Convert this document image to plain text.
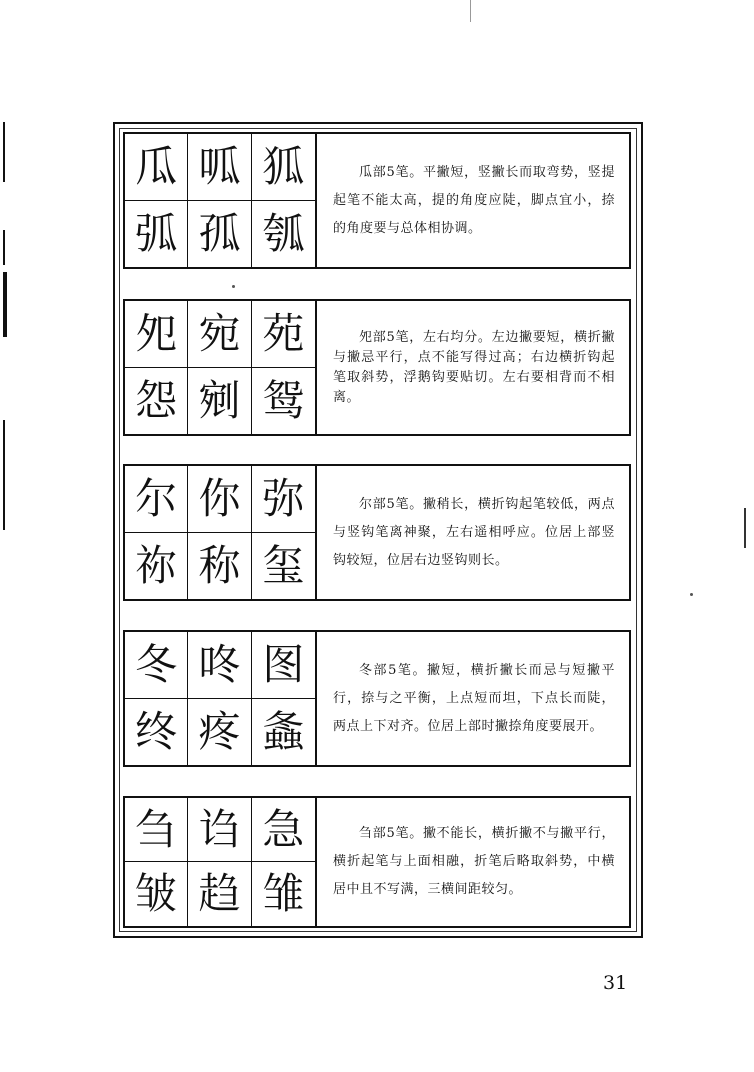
瓜 呱 狐
弧 孤 瓠
瓜部5笔。平撇短，竖撇长而取弯势，竖提起笔不能太高，提的角度应陡，脚点宜小，捺的角度要与总体相协调。
夗 宛 苑
怨 剜 鸳
夗部5笔，左右均分。左边撇要短，横折撇与撇忌平行，点不能写得过高；右边横折钩起笔取斜势，浮鹅钩要贴切。左右要相背而不相离。
尔 你 弥
祢 称 玺
尔部5笔。撇稍长，横折钩起笔较低，两点与竖钩笔离神聚，左右遥相呼应。位居上部竖钩较短，位居右边竖钩则长。
冬 咚 图
终 疼 螽
冬部5笔。撇短，横折撇长而忌与短撇平行，捺与之平衡，上点短而坦，下点长而陡，两点上下对齐。位居上部时撇捺角度要展开。
刍 诌 急
皱 趋 雏
刍部5笔。撇不能长，横折撇不与撇平行，横折起笔与上面相融，折笔后略取斜势，中横居中且不写满，三横间距较匀。
31
